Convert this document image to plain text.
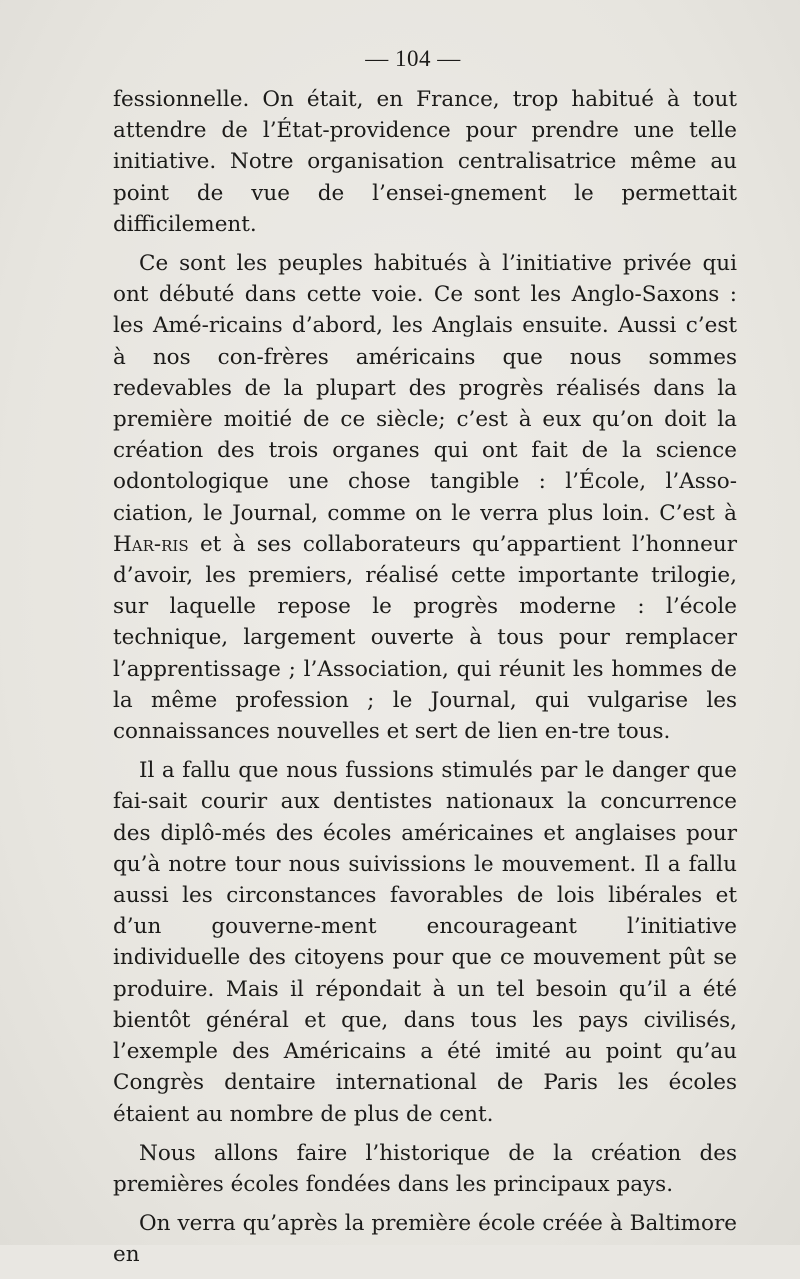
— 104 —

fessionnelle. On était, en France, trop habitué à tout attendre de l’État-providence pour prendre une telle initiative. Notre organisation centralisatrice même au point de vue de l’ensei-gnement le permettait difficilement.

Ce sont les peuples habitués à l’initiative privée qui ont débuté dans cette voie. Ce sont les Anglo-Saxons : les Amé-ricains d’abord, les Anglais ensuite. Aussi c’est à nos con-frères américains que nous sommes redevables de la plupart des progrès réalisés dans la première moitié de ce siècle; c’est à eux qu’on doit la création des trois organes qui ont fait de la science odontologique une chose tangible : l’École, l’Asso-ciation, le Journal, comme on le verra plus loin. C’est à Har-ris et à ses collaborateurs qu’appartient l’honneur d’avoir, les premiers, réalisé cette importante trilogie, sur laquelle repose le progrès moderne : l’école technique, largement ouverte à tous pour remplacer l’apprentissage ; l’Association, qui réunit les hommes de la même profession ; le Journal, qui vulgarise les connaissances nouvelles et sert de lien en-tre tous.

Il a fallu que nous fussions stimulés par le danger que fai-sait courir aux dentistes nationaux la concurrence des diplô-més des écoles américaines et anglaises pour qu’à notre tour nous suivissions le mouvement. Il a fallu aussi les circonstances favorables de lois libérales et d’un gouverne-ment encourageant l’initiative individuelle des citoyens pour que ce mouvement pût se produire. Mais il répondait à un tel besoin qu’il a été bientôt général et que, dans tous les pays civilisés, l’exemple des Américains a été imité au point qu’au Congrès dentaire international de Paris les écoles étaient au nombre de plus de cent.

Nous allons faire l’historique de la création des premières écoles fondées dans les principaux pays.

On verra qu’après la première école créée à Baltimore en
